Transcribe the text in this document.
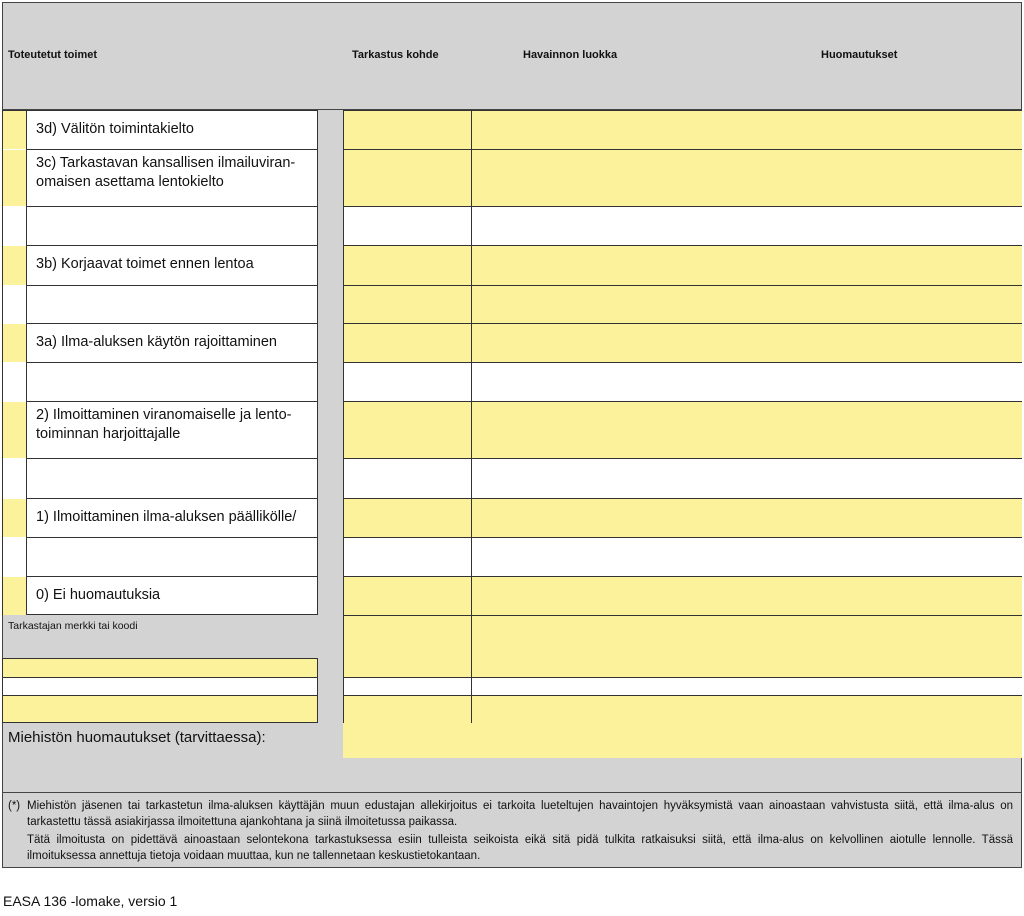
Toteutetut toimet	Tarkastus kohde	Havainnon luokka	Huomautukset
3d) Välitön toimintakielto
3c) Tarkastavan kansallisen ilmailuviran-omaisen asettama lentokielto
3b) Korjaavat toimet ennen lentoa
3a) Ilma-aluksen käytön rajoittaminen
2) Ilmoittaminen viranomaiselle ja lento-toiminnan harjoittajalle
1) Ilmoittaminen ilma-aluksen päällikölle/
0) Ei huomautuksia
Tarkastajan merkki tai koodi
Miehistön huomautukset (tarvittaessa):
(*) Miehistön jäsenen tai tarkastetun ilma-aluksen käyttäjän muun edustajan allekirjoitus ei tarkoita lueteltujen havaintojen hyväksymistä vaan ainoastaan vahvistusta siitä, että ilma-alus on tarkastettu tässä asiakirjassa ilmoitettuna ajankohtana ja siinä ilmoitetussa paikassa.
Tätä ilmoitusta on pidettävä ainoastaan selontekona tarkastuksessa esiin tulleista seikoista eikä sitä pidä tulkita ratkaisuksi siitä, että ilma-alus on kelvollinen aiotulle lennolle. Tässä ilmoituksessa annettuja tietoja voidaan muuttaa, kun ne tallennetaan keskustietokantaan.
EASA 136 -lomake, versio 1
